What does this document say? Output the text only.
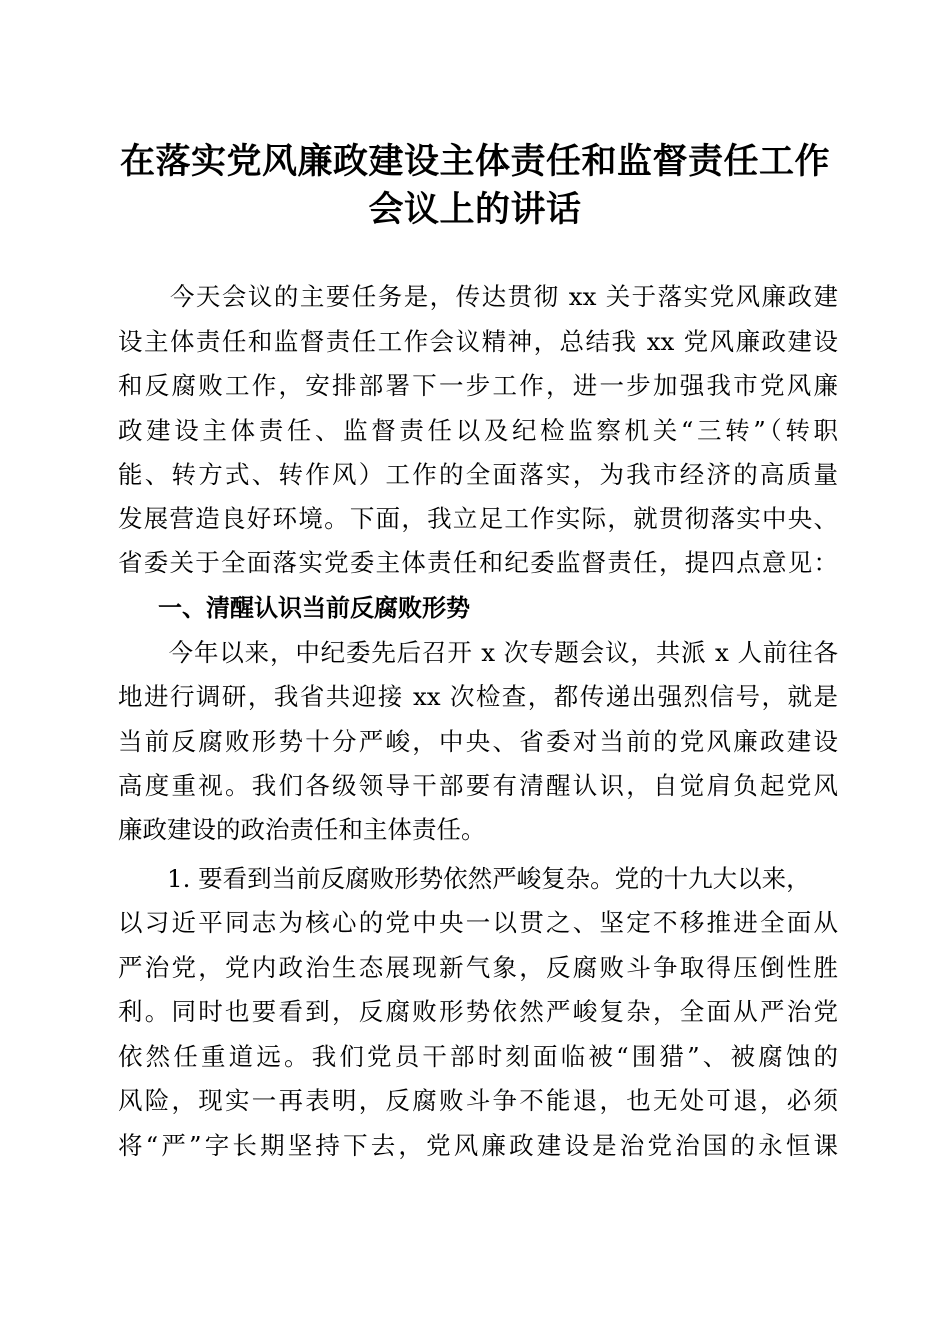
在落实党风廉政建设主体责任和监督责任工作
会议上的讲话
　　今天会议的主要任务是，传达贯彻 xx 关于落实党风廉政建
设主体责任和监督责任工作会议精神，总结我 xx 党风廉政建设
和反腐败工作，安排部署下一步工作，进一步加强我市党风廉
政建设主体责任、监督责任以及纪检监察机关“三转”（转职
能、转方式、转作风）工作的全面落实，为我市经济的高质量
发展营造良好环境。下面，我立足工作实际，就贯彻落实中央、
省委关于全面落实党委主体责任和纪委监督责任，提四点意见：
一、清醒认识当前反腐败形势
　　今年以来，中纪委先后召开 x 次专题会议，共派 x 人前往各
地进行调研，我省共迎接 xx 次检查，都传递出强烈信号，就是
当前反腐败形势十分严峻，中央、省委对当前的党风廉政建设
高度重视。我们各级领导干部要有清醒认识，自觉肩负起党风
廉政建设的政治责任和主体责任。
　　1. 要看到当前反腐败形势依然严峻复杂。党的十九大以来，
以习近平同志为核心的党中央一以贯之、坚定不移推进全面从
严治党，党内政治生态展现新气象，反腐败斗争取得压倒性胜
利。同时也要看到，反腐败形势依然严峻复杂，全面从严治党
依然任重道远。我们党员干部时刻面临被“围猎”、被腐蚀的
风险，现实一再表明，反腐败斗争不能退，也无处可退，必须
将“严”字长期坚持下去，党风廉政建设是治党治国的永恒课
